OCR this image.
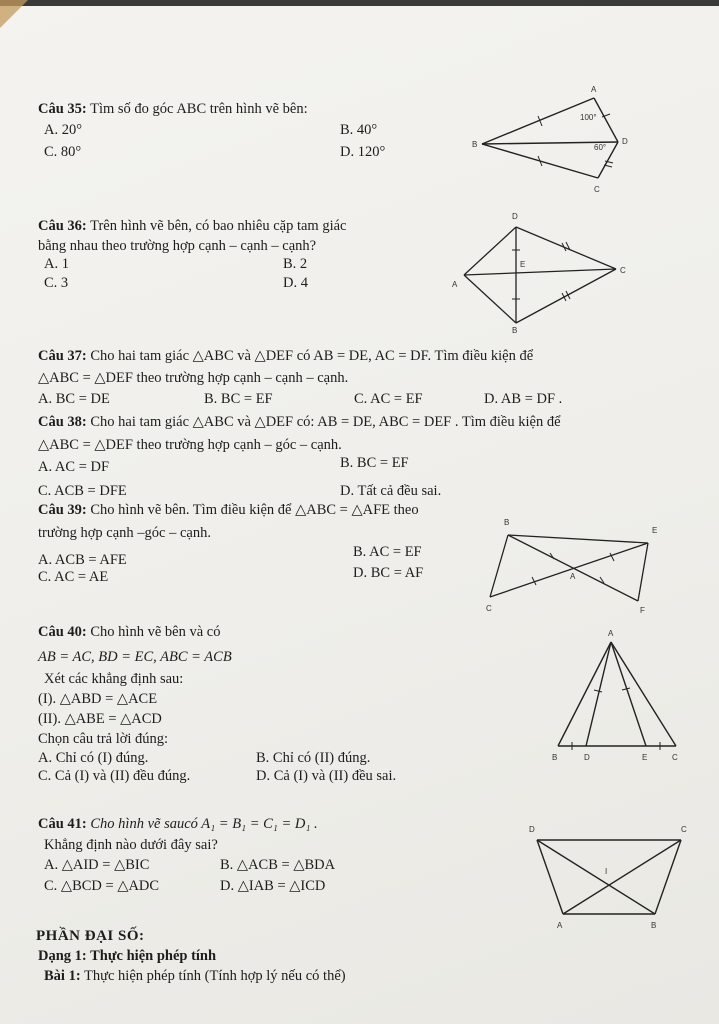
Câu 35: Tìm số đo góc ABC trên hình vẽ bên:
A. 20°	B. 40°
C. 80°	D. 120°
A
B
C
D
100°
60°
Câu 36: Trên hình vẽ bên, có bao nhiêu cặp tam giác
bằng nhau theo trường hợp cạnh – cạnh – cạnh?
A. 1	B. 2
C. 3	D. 4	A
B
C
D
E
Câu 37: Cho hai tam giác △ABC và △DEF có AB = DE, AC = DF. Tìm điều kiện để
△ABC = △DEF theo trường hợp cạnh – cạnh – cạnh.
A. BC = DE	B. BC = EF	C. AC = EF	D. AB = DF .
Câu 38: Cho hai tam giác △ABC và △DEF có: AB = DE, ABC = DEF . Tìm điều kiện để
△ABC = △DEF theo trường hợp cạnh – góc – cạnh.
A. AC = DF	B. BC = EF
C. ACB = DFE	D. Tất cả đều sai.
Câu 39: Cho hình vẽ bên. Tìm điều kiện để △ABC = △AFE theo
trường hợp cạnh –góc – cạnh.
A. ACB = AFE	B. AC = EF
C. AC = AE	D. BC = AF
B
C
A
E
F
Câu 40: Cho hình vẽ bên và có
AB = AC, BD = EC, ABC = ACB
Xét các khẳng định sau:
(I). △ABD = △ACE
(II). △ABE = △ACD
Chọn câu trả lời đúng:
A. Chỉ có (I) đúng.	B. Chỉ có (II) đúng.
C. Cả (I) và (II) đều đúng.	D. Cả (I) và (II) đều sai.
A
B	D	E	C
Câu 41: Cho hình vẽ saucó A₁ = B₁ = C₁ = D₁ .
Khẳng định nào dưới đây sai?
A. △AID = △BIC	B. △ACB = △BDA
C. △BCD = △ADC	D. △IAB = △ICD
D	C
I
A	B
PHẦN ĐẠI SỐ:
Dạng 1: Thực hiện phép tính
Bài 1: Thực hiện phép tính (Tính hợp lý nếu có thể)
